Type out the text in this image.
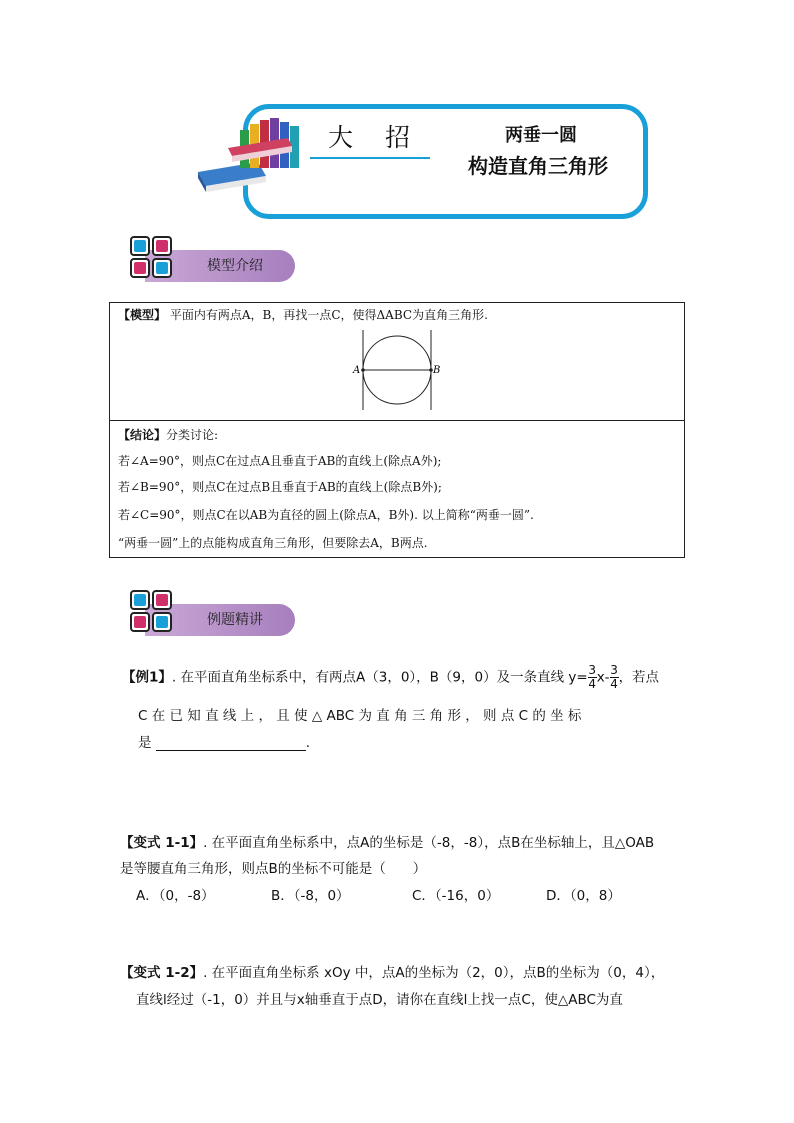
大 招	两垂一圆
构造直角三角形
模型介绍
【模型】 平面内有两点A，B，再找一点C，使得ΔABC为直角三角形.
A	B
【结论】分类讨论:
若∠A=90°，则点C在过点A且垂直于AB的直线上(除点A外);
若∠B=90°，则点C在过点B且垂直于AB的直线上(除点B外);
若∠C=90°，则点C在以AB为直径的圆上(除点A，B外). 以上简称“两垂一圆”.
“两垂一圆”上的点能构成直角三角形，但要除去A，B两点.
例题精讲
【例1】. 在平面直角坐标系中，有两点A（3，0），B（9，0）及一条直线 $y= \frac{3}{4} x- \frac{3}{4}$ ，若点
C 在 已 知 直 线 上 ， 且 使 △ ABC 为 直 角 三 角 形 ， 则 点 C 的 坐 标
是	.
【变式 1-1】. 在平面直角坐标系中，点A的坐标是（-8，-8），点B在坐标轴上，且△OAB
是等腰直角三角形，则点B的坐标不可能是（　　）
A．（0，-8）	B．（-8，0）	C．（-16，0）	D．（0，8）
【变式 1-2】. 在平面直角坐标系 xOy 中，点A的坐标为（2，0），点B的坐标为（0，4），
直线l经过（-1，0）并且与x轴垂直于点D，请你在直线l上找一点C，使△ABC为直
